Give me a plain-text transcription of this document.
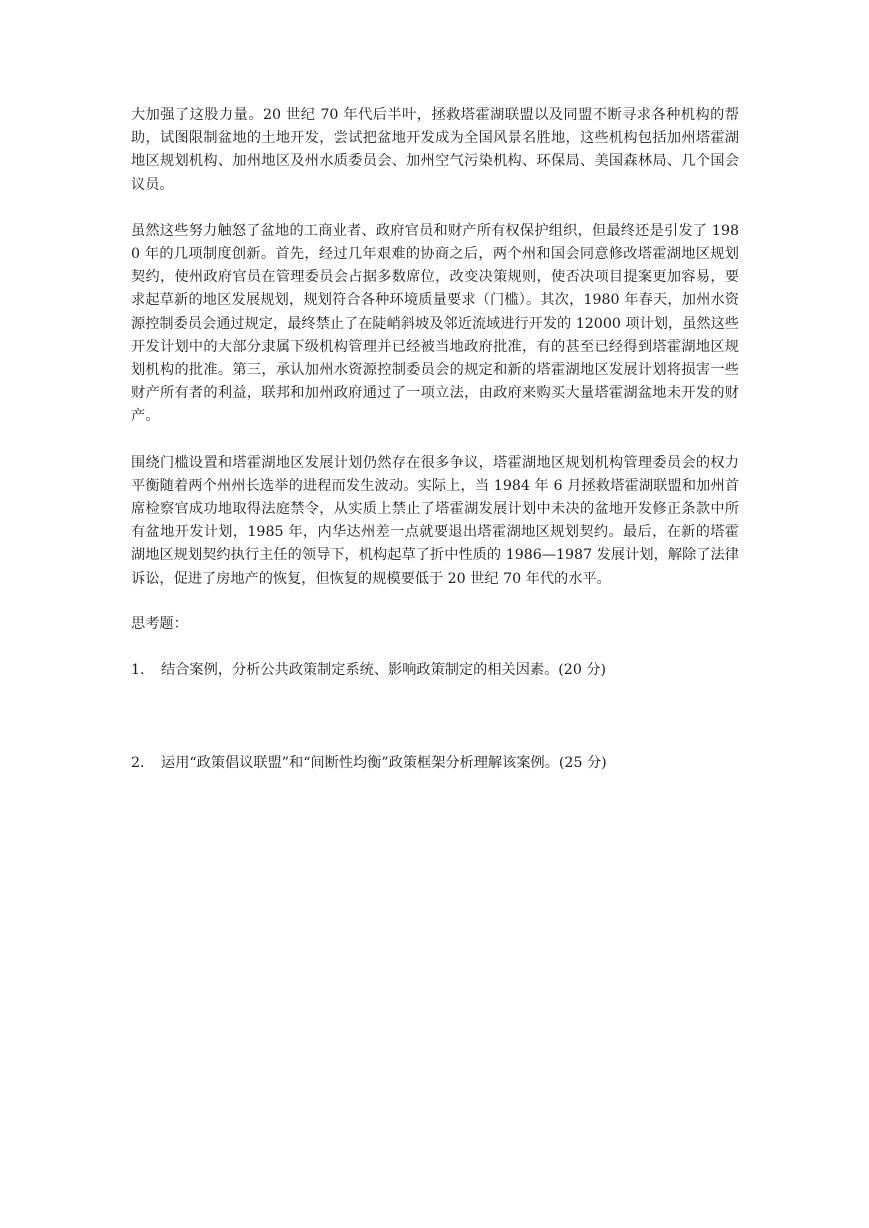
大加强了这股力量。20 世纪 70 年代后半叶，拯救塔霍湖联盟以及同盟不断寻求各种机构的帮助，试图限制盆地的土地开发，尝试把盆地开发成为全国风景名胜地，这些机构包括加州塔霍湖地区规划机构、加州地区及州水质委员会、加州空气污染机构、环保局、美国森林局、几个国会议员。

虽然这些努力触怒了盆地的工商业者、政府官员和财产所有权保护组织，但最终还是引发了 1980 年的几项制度创新。首先，经过几年艰难的协商之后，两个州和国会同意修改塔霍湖地区规划契约，使州政府官员在管理委员会占据多数席位，改变决策规则，使否决项目提案更加容易，要求起草新的地区发展规划，规划符合各种环境质量要求（门槛）。其次，1980 年春天，加州水资源控制委员会通过规定，最终禁止了在陡峭斜坡及邻近流域进行开发的 12000 项计划，虽然这些开发计划中的大部分隶属下级机构管理并已经被当地政府批准，有的甚至已经得到塔霍湖地区规划机构的批准。第三，承认加州水资源控制委员会的规定和新的塔霍湖地区发展计划将损害一些财产所有者的利益，联邦和加州政府通过了一项立法，由政府来购买大量塔霍湖盆地未开发的财产。

围绕门槛设置和塔霍湖地区发展计划仍然存在很多争议，塔霍湖地区规划机构管理委员会的权力平衡随着两个州州长选举的进程而发生波动。实际上，当 1984 年 6 月拯救塔霍湖联盟和加州首席检察官成功地取得法庭禁令，从实质上禁止了塔霍湖发展计划中未决的盆地开发修正条款中所有盆地开发计划，1985 年，内华达州差一点就要退出塔霍湖地区规划契约。最后，在新的塔霍湖地区规划契约执行主任的领导下，机构起草了折中性质的 1986—1987 发展计划，解除了法律诉讼，促进了房地产的恢复，但恢复的规模要低于 20 世纪 70 年代的水平。

思考题：

1.	结合案例，分析公共政策制定系统、影响政策制定的相关因素。(20 分)
2.	运用“政策倡议联盟”和“间断性均衡”政策框架分析理解该案例。(25 分)
